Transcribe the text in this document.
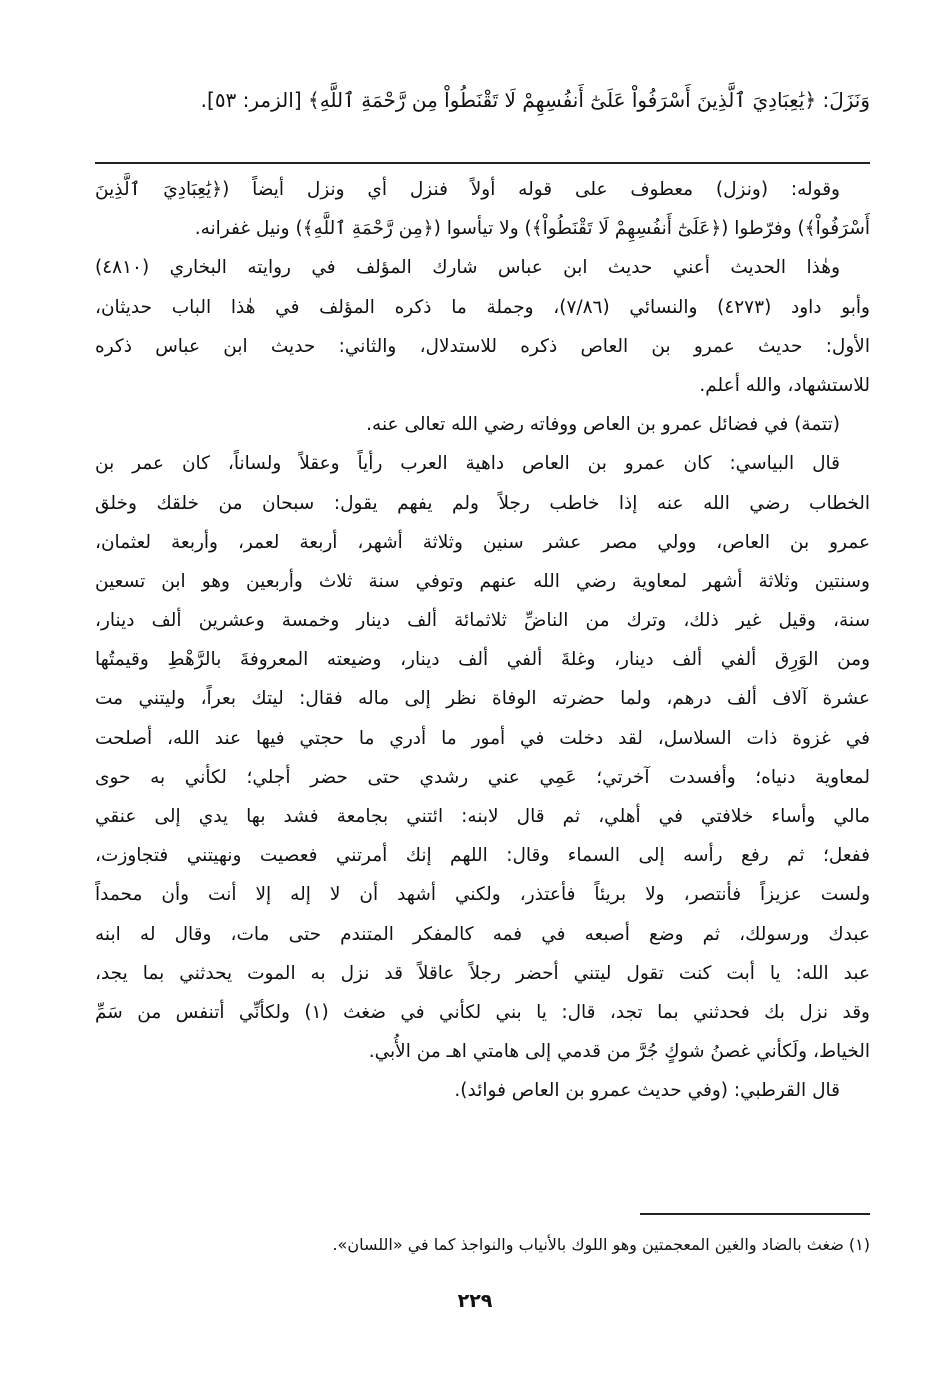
وَنَزَلَ: ﴿يَٰعِبَادِيَ ٱلَّذِينَ أَسْرَفُواْ عَلَىٰٓ أَنفُسِهِمْ لَا تَقْنَطُواْ مِن رَّحْمَةِ ٱللَّهِ﴾ [الزمر: ٥٣].
وقوله: (ونزل) معطوف على قوله أولاً فنزل أي ونزل أيضاً (﴿يَٰعِبَادِيَ ٱلَّذِينَ
أَسْرَفُواْ﴾) وفرّطوا (﴿عَلَىٰٓ أَنفُسِهِمْ لَا تَقْنَطُواْ﴾) ولا تيأسوا (﴿مِن رَّحْمَةِ ٱللَّهِ﴾) ونيل غفرانه.
وهٰذا الحديث أعني حديث ابن عباس شارك المؤلف في روايته البخاري (٤٨١٠)
وأبو داود (٤٢٧٣) والنسائي (٧/٨٦)، وجملة ما ذكره المؤلف في هٰذا الباب حديثان،
الأول: حديث عمرو بن العاص ذكره للاستدلال، والثاني: حديث ابن عباس ذكره
للاستشهاد، والله أعلم.
(تتمة) في فضائل عمرو بن العاص ووفاته رضي الله تعالى عنه.
قال البياسي: كان عمرو بن العاص داهية العرب رأياً وعقلاً ولساناً، كان عمر بن
الخطاب رضي الله عنه إذا خاطب رجلاً ولم يفهم يقول: سبحان من خلقك وخلق
عمرو بن العاص، وولي مصر عشر سنين وثلاثة أشهر، أربعة لعمر، وأربعة لعثمان،
وسنتين وثلاثة أشهر لمعاوية رضي الله عنهم وتوفي سنة ثلاث وأربعين وهو ابن تسعين
سنة، وقيل غير ذلك، وترك من الناضِّ ثلاثمائة ألف دينار وخمسة وعشرين ألف دينار،
ومن الوَرِق ألفي ألف دينار، وغلةَ ألفي ألف دينار، وضيعته المعروفةَ بالرَّهْطِ وقيمتُها
عشرة آلاف ألف درهم، ولما حضرته الوفاة نظر إلى ماله فقال: ليتك بعراً، وليتني مت
في غزوة ذات السلاسل، لقد دخلت في أمور ما أدري ما حجتي فيها عند الله، أصلحت
لمعاوية دنياه؛ وأفسدت آخرتي؛ عَمِي عني رشدي حتى حضر أجلي؛ لكأني به حوى
مالي وأساء خلافتي في أهلي، ثم قال لابنه: ائتني بجامعة فشد بها يدي إلى عنقي
ففعل؛ ثم رفع رأسه إلى السماء وقال: اللهم إنك أمرتني فعصيت ونهيتني فتجاوزت،
ولست عزيزاً فأنتصر، ولا بريئاً فأعتذر، ولكني أشهد أن لا إله إلا أنت وأن محمداً
عبدك ورسولك، ثم وضع أصبعه في فمه كالمفكر المتندم حتى مات، وقال له ابنه
عبد الله: يا أبت كنت تقول ليتني أحضر رجلاً عاقلاً قد نزل به الموت يحدثني بما يجد،
وقد نزل بك فحدثني بما تجد، قال: يا بني لكأني في ضغث (١) ولكأنِّي أتنفس من سَمِّ
الخياط، ولَكأني غصنُ شوكٍ جُرَّ من قدمي إلى هامتي اهـ من الأُبي.
قال القرطبي: (وفي حديث عمرو بن العاص فوائد).
(١) ضغث بالضاد والغين المعجمتين وهو اللوك بالأنياب والنواجذ كما في «اللسان».
٢٢٩
